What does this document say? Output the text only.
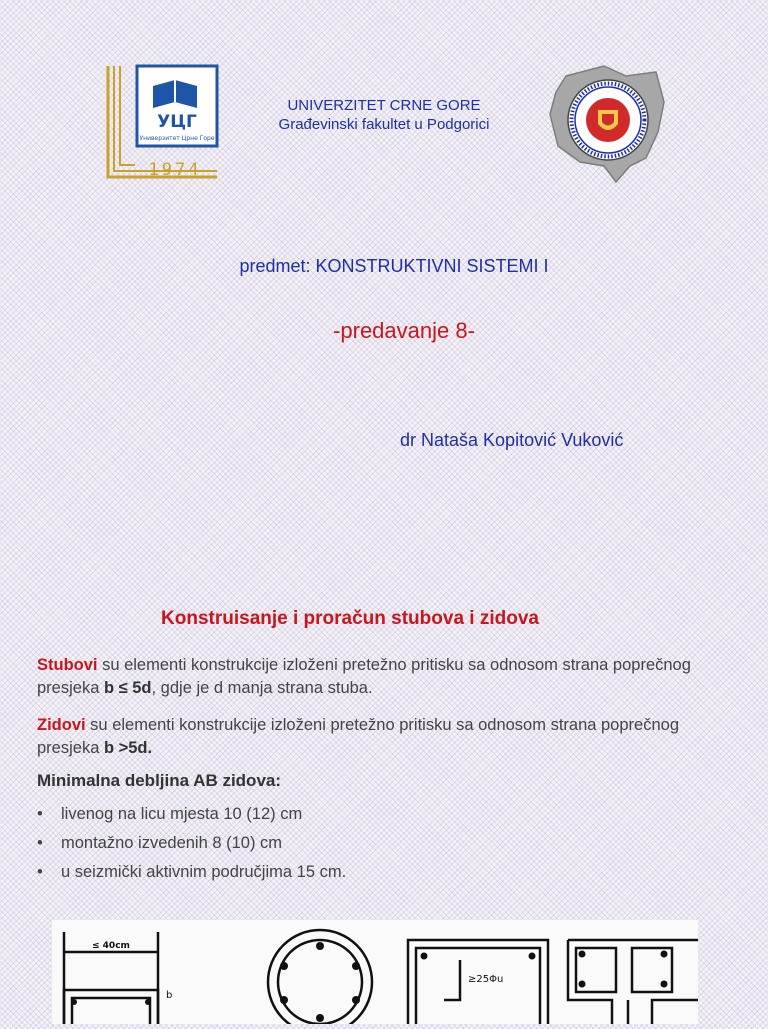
УЦГ
Универзитет Црне Горе
1974
UNIVERZITET CRNE GORE
Građevinski fakultet u Podgorici
predmet: KONSTRUKTIVNI SISTEMI I
-predavanje 8-
dr Nataša Kopitović Vuković
Konstruisanje i proračun stubova i zidova
Stubovi su elementi konstrukcije izloženi pretežno pritisku sa odnosom strana poprečnog presjeka b ≤ 5d, gdje je d manja strana stuba.
Zidovi su elementi konstrukcije izloženi pretežno pritisku sa odnosom strana poprečnog presjeka b >5d.
Minimalna debljina AB zidova:
• livenog na licu mjesta 10 (12) cm
• montažno izvedenih 8 (10) cm
• u seizmički aktivnim područjima 15 cm.
≤ 40cm
b
≥25Φu
